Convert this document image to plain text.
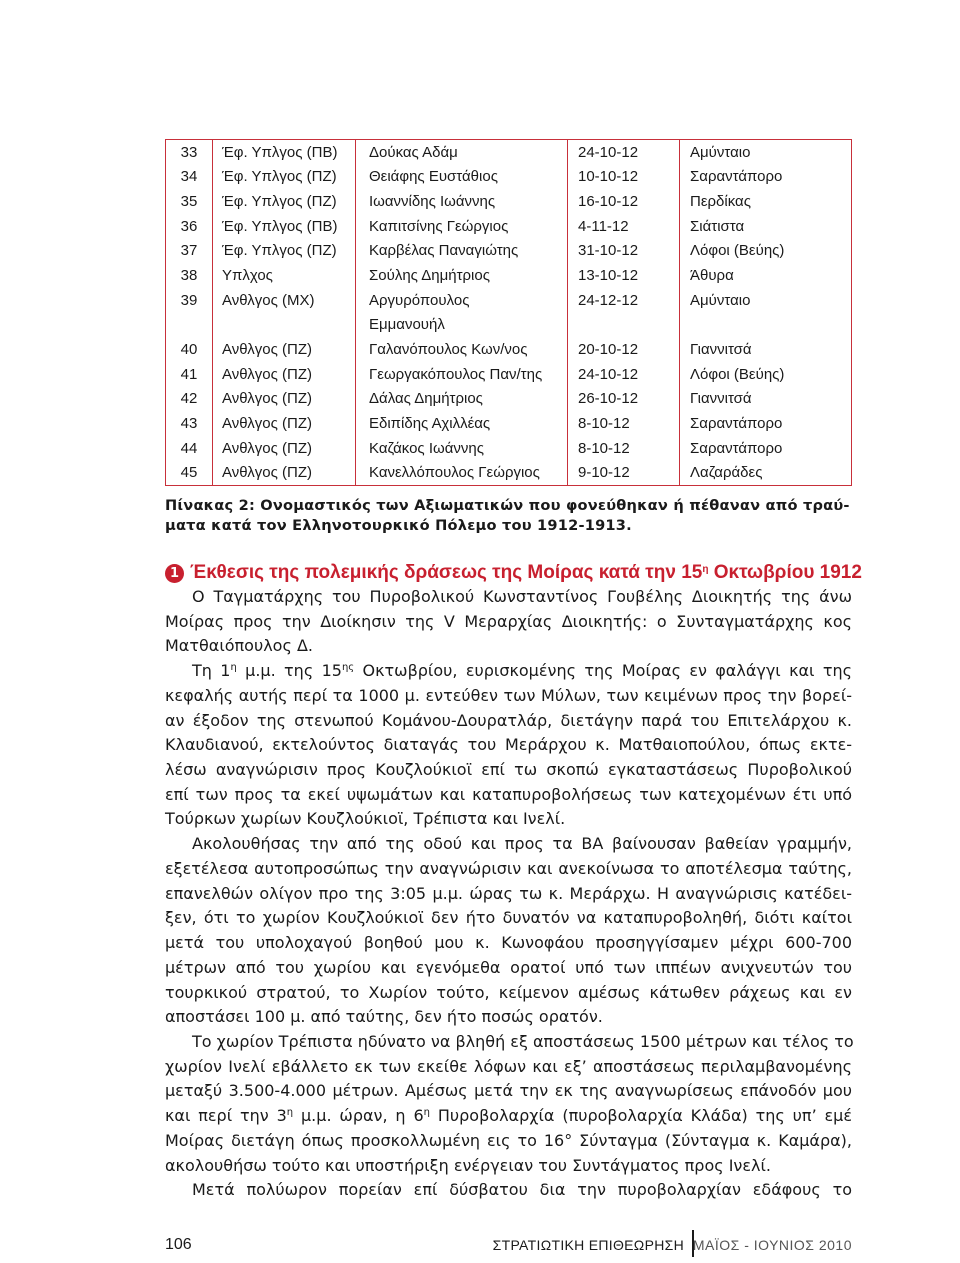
33	Έφ. Υπλγος (ΠΒ)	Δούκας Αδάμ	24-10-12	Αμύνταιο
34	Έφ. Υπλγος (ΠΖ)	Θειάφης Ευστάθιος	10-10-12	Σαραντάπορο
35	Έφ. Υπλγος (ΠΖ)	Ιωαννίδης Ιωάννης	16-10-12	Περδίκας
36	Έφ. Υπλγος (ΠΒ)	Καπιτσίνης Γεώργιος	4-11-12	Σιάτιστα
37	Έφ. Υπλγος (ΠΖ)	Καρβέλας Παναγιώτης	31-10-12	Λόφοι (Βεύης)
38	Υπλχος	Σούλης Δημήτριος	13-10-12	Άθυρα
39	Ανθλγος (ΜΧ)	Αργυρόπουλος	24-12-12	Αμύνταιο
		Εμμανουήλ		
40	Ανθλγος (ΠΖ)	Γαλανόπουλος Κων/νος	20-10-12	Γιαννιτσά
41	Ανθλγος (ΠΖ)	Γεωργακόπουλος Παν/της	24-10-12	Λόφοι (Βεύης)
42	Ανθλγος (ΠΖ)	Δάλας Δημήτριος	26-10-12	Γιαννιτσά
43	Ανθλγος (ΠΖ)	Εδιπίδης Αχιλλέας	8-10-12	Σαραντάπορο
44	Ανθλγος (ΠΖ)	Καζάκος Ιωάννης	8-10-12	Σαραντάπορο
45	Ανθλγος (ΠΖ)	Κανελλόπουλος Γεώργιος	9-10-12	Λαζαράδες
Πίνακας 2: Ονομαστικός των Αξιωματικών που φονεύθηκαν ή πέθαναν από τραύ-
ματα κατά τον Ελληνοτουρκικό Πόλεμο του 1912-1913.
1 Έκθεσις της πολεμικής δράσεως της Μοίρας κατά την $15^\eta$ Οκτωβρίου 1912
Ο Ταγματάρχης του Πυροβολικού Κωνσταντίνος Γουβέλης Διοικητής της άνω
Μοίρας προς την Διοίκησιν της V Μεραρχίας Διοικητής: ο Συνταγματάρχης κος
Ματθαιόπουλος Δ.
Τη $1^\eta$ μ.μ. της $15^{\eta\varsigma}$ Οκτωβρίου, ευρισκομένης της Μοίρας εν φαλάγγι και της
κεφαλής αυτής περί τα 1000 μ. εντεύθεν των Μύλων, των κειμένων προς την βορεί-
αν έξοδον της στενωπού Κομάνου-Δουρατλάρ, διετάγην παρά του Επιτελάρχου κ.
Κλαυδιανού, εκτελούντος διαταγάς του Μεράρχου κ. Ματθαιοπούλου, όπως εκτε-
λέσω αναγνώρισιν προς Κουζλούκιοϊ επί τω σκοπώ εγκαταστάσεως Πυροβολικού
επί των προς τα εκεί υψωμάτων και καταπυροβολήσεως των κατεχομένων έτι υπό
Τούρκων χωρίων Κουζλούκιοϊ, Τρέπιστα και Ινελί.
Ακολουθήσας την από της οδού και προς τα ΒΑ βαίνουσαν βαθείαν γραμμήν,
εξετέλεσα αυτοπροσώπως την αναγνώρισιν και ανεκοίνωσα το αποτέλεσμα ταύτης,
επανελθών ολίγον προ της 3:05 μ.μ. ώρας τω κ. Μεράρχω. Η αναγνώρισις κατέδει-
ξεν, ότι το χωρίον Κουζλούκιοϊ δεν ήτο δυνατόν να καταπυροβοληθή, διότι καίτοι
μετά του υπολοχαγού βοηθού μου κ. Κωνοφάου προσηγγίσαμεν μέχρι 600-700
μέτρων από του χωρίου και εγενόμεθα ορατοί υπό των ιππέων ανιχνευτών του
τουρκικού στρατού, το Χωρίον τούτο, κείμενον αμέσως κάτωθεν ράχεως και εν
αποστάσει 100 μ. από ταύτης, δεν ήτο ποσώς ορατόν.
Το χωρίον Τρέπιστα ηδύνατο να βληθή εξ αποστάσεως 1500 μέτρων και τέλος το
χωρίον Ινελί εβάλλετο εκ των εκείθε λόφων και εξ’ αποστάσεως περιλαμβανομένης
μεταξύ 3.500-4.000 μέτρων. Αμέσως μετά την εκ της αναγνωρίσεως επάνοδόν μου
και περί την $3^\eta$ μ.μ. ώραν, η $6^\eta$ Πυροβολαρχία (πυροβολαρχία Κλάδα) της υπ’ εμέ
Μοίρας διετάγη όπως προσκολλωμένη εις το 16° Σύνταγμα (Σύνταγμα κ. Καμάρα),
ακολουθήσω τούτο και υποστήριξη ενέργειαν του Συντάγματος προς Ινελί.
Μετά πολύωρον πορείαν επί δύσβατου δια την πυροβολαρχίαν εδάφους το
106	ΣΤΡΑΤΙΩΤΙΚΗ ΕΠΙΘΕΩΡΗΣΗ ΜΑΪΟΣ - ΙΟΥΝΙΟΣ 2010
